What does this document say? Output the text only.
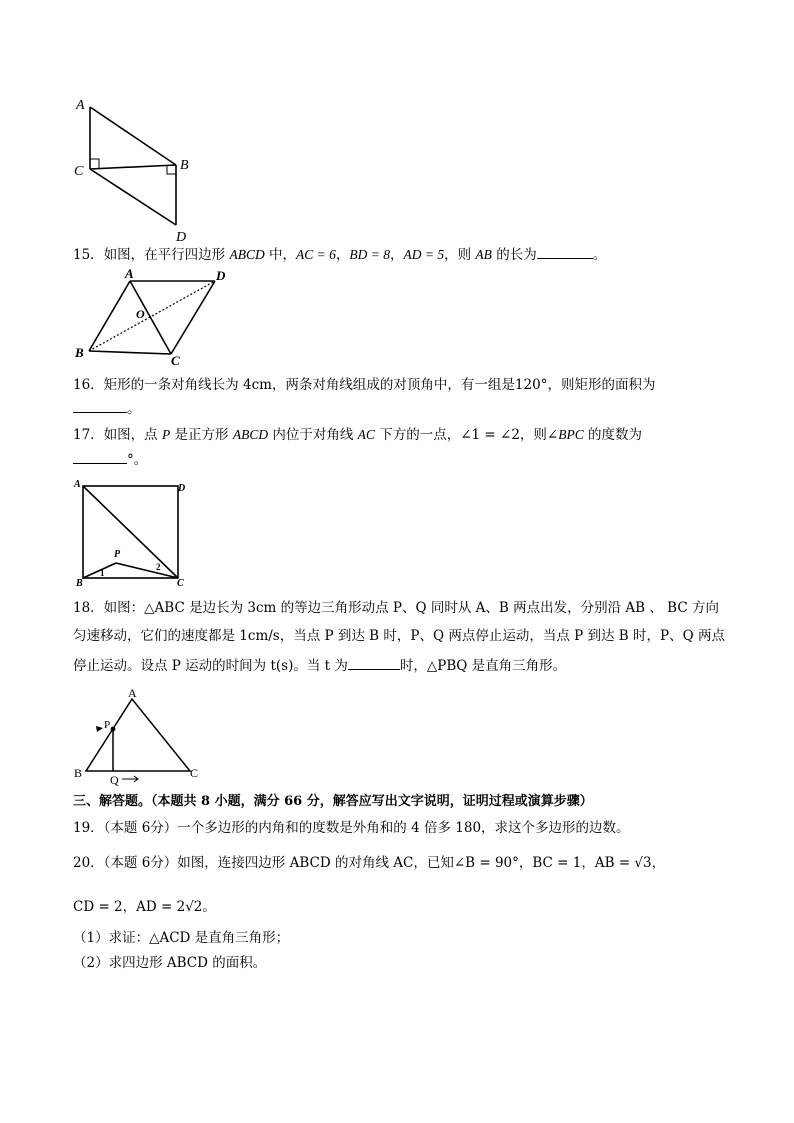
A
C	B
D
15．如图，在平行四边形 ABCD 中，AC = 6，BD = 8，AD = 5，则 AB 的长为	。
A	D
O
B
C
16．矩形的一条对角线长为 4cm，两条对角线组成的对顶角中，有一组是120°，则矩形的面积为
。
17．如图，点 P 是正方形 ABCD 内位于对角线 AC 下方的一点，∠1 = ∠2，则∠BPC 的度数为
°。
A	D
P
1
2
B	C
18．如图：△ABC 是边长为 3cm 的等边三角形动点 P、Q 同时从 A、B 两点出发，分别沿 AB 、 BC 方向
匀速移动，它们的速度都是 1cm/s，当点 P 到达 B 时，P、Q 两点停止运动，当点 P 到达 B 时，P、Q 两点
停止运动。设点 P 运动的时间为 t(s)。当 t 为	时，△PBQ 是直角三角形。
A
P
B Q	C
三、解答题。（本题共 8 小题，满分 66 分，解答应写出文字说明，证明过程或演算步骤）
19．（本题 6分）一个多边形的内角和的度数是外角和的 4 倍多 180，求这个多边形的边数。
20．（本题 6分）如图，连接四边形 ABCD 的对角线 AC，已知∠B = 90°，BC = 1，AB = √3，
CD = 2，AD = 2√2。
（1）求证：△ACD 是直角三角形；
（2）求四边形 ABCD 的面积。
